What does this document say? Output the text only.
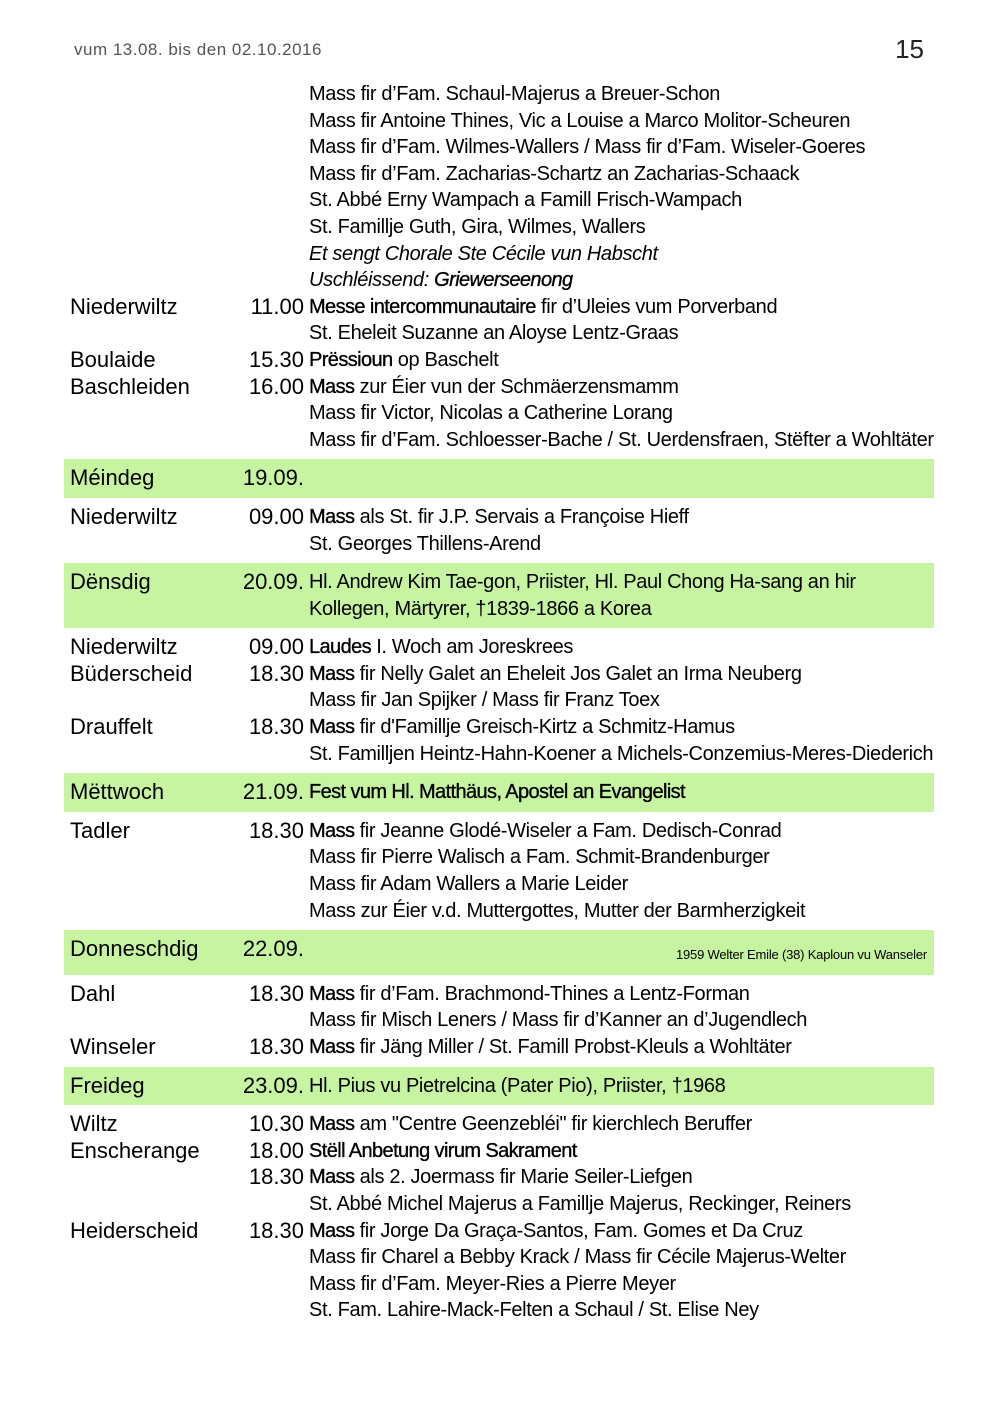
vum 13.08. bis den 02.10.2016	15
Mass fir d’Fam. Schaul-Majerus a Breuer-Schon
Mass fir Antoine Thines, Vic a Louise a Marco Molitor-Scheuren
Mass fir d’Fam. Wilmes-Wallers / Mass fir d’Fam. Wiseler-Goeres
Mass fir d’Fam. Zacharias-Schartz an Zacharias-Schaack
St. Abbé Erny Wampach a Famill Frisch-Wampach
St. Famillje Guth, Gira, Wilmes, Wallers
Et sengt Chorale Ste Cécile vun Habscht
Uschléissend: Griewerseenong
Niederwiltz	11.00 Messe intercommunautaire fir d’Uleies vum Porverband
St. Eheleit Suzanne an Aloyse Lentz-Graas
Boulaide	15.30 Prëssioun op Baschelt
Baschleiden	16.00 Mass zur Éier vun der Schmäerzensmamm
Mass fir Victor, Nicolas a Catherine Lorang
Mass fir d’Fam. Schloesser-Bache / St. Uerdensfraen, Stëfter a Wohltäter
Méindeg	19.09.
Niederwiltz	09.00 Mass als St. fir J.P. Servais a Françoise Hieff
St. Georges Thillens-Arend
Dënsdig	20.09. Hl. Andrew Kim Tae-gon, Priister, Hl. Paul Chong Ha-sang an hir
Kollegen, Märtyrer, †1839-1866 a Korea
Niederwiltz	09.00 Laudes I. Woch am Joreskrees
Büderscheid	18.30 Mass fir Nelly Galet an Eheleit Jos Galet an Irma Neuberg
Mass fir Jan Spijker / Mass fir Franz Toex
Drauffelt	18.30 Mass fir d'Famillje Greisch-Kirtz a Schmitz-Hamus
St. Familljen Heintz-Hahn-Koener a Michels-Conzemius-Meres-Diederich
Mëttwoch	21.09. Fest vum Hl. Matthäus, Apostel an Evangelist
Tadler	18.30 Mass fir Jeanne Glodé-Wiseler a Fam. Dedisch-Conrad
Mass fir Pierre Walisch a Fam. Schmit-Brandenburger
Mass fir Adam Wallers a Marie Leider
Mass zur Éier v.d. Muttergottes, Mutter der Barmherzigkeit
Donneschdig	22.09.	1959 Welter Emile (38) Kaploun vu Wanseler
Dahl	18.30 Mass fir d’Fam. Brachmond-Thines a Lentz-Forman
Mass fir Misch Leners / Mass fir d’Kanner an d’Jugendlech
Winseler	18.30 Mass fir Jäng Miller / St. Famill Probst-Kleuls a Wohltäter
Freideg	23.09. Hl. Pius vu Pietrelcina (Pater Pio), Priister, †1968
Wiltz	10.30 Mass am "Centre Geenzebléi" fir kierchlech Beruffer
Enscherange	18.00 Stëll Anbetung virum Sakrament
18.30 Mass als 2. Joermass fir Marie Seiler-Liefgen
St. Abbé Michel Majerus a Famillje Majerus, Reckinger, Reiners
Heiderscheid	18.30 Mass fir Jorge Da Graça-Santos, Fam. Gomes et Da Cruz
Mass fir Charel a Bebby Krack / Mass fir Cécile Majerus-Welter
Mass fir d’Fam. Meyer-Ries a Pierre Meyer
St. Fam. Lahire-Mack-Felten a Schaul / St. Elise Ney
